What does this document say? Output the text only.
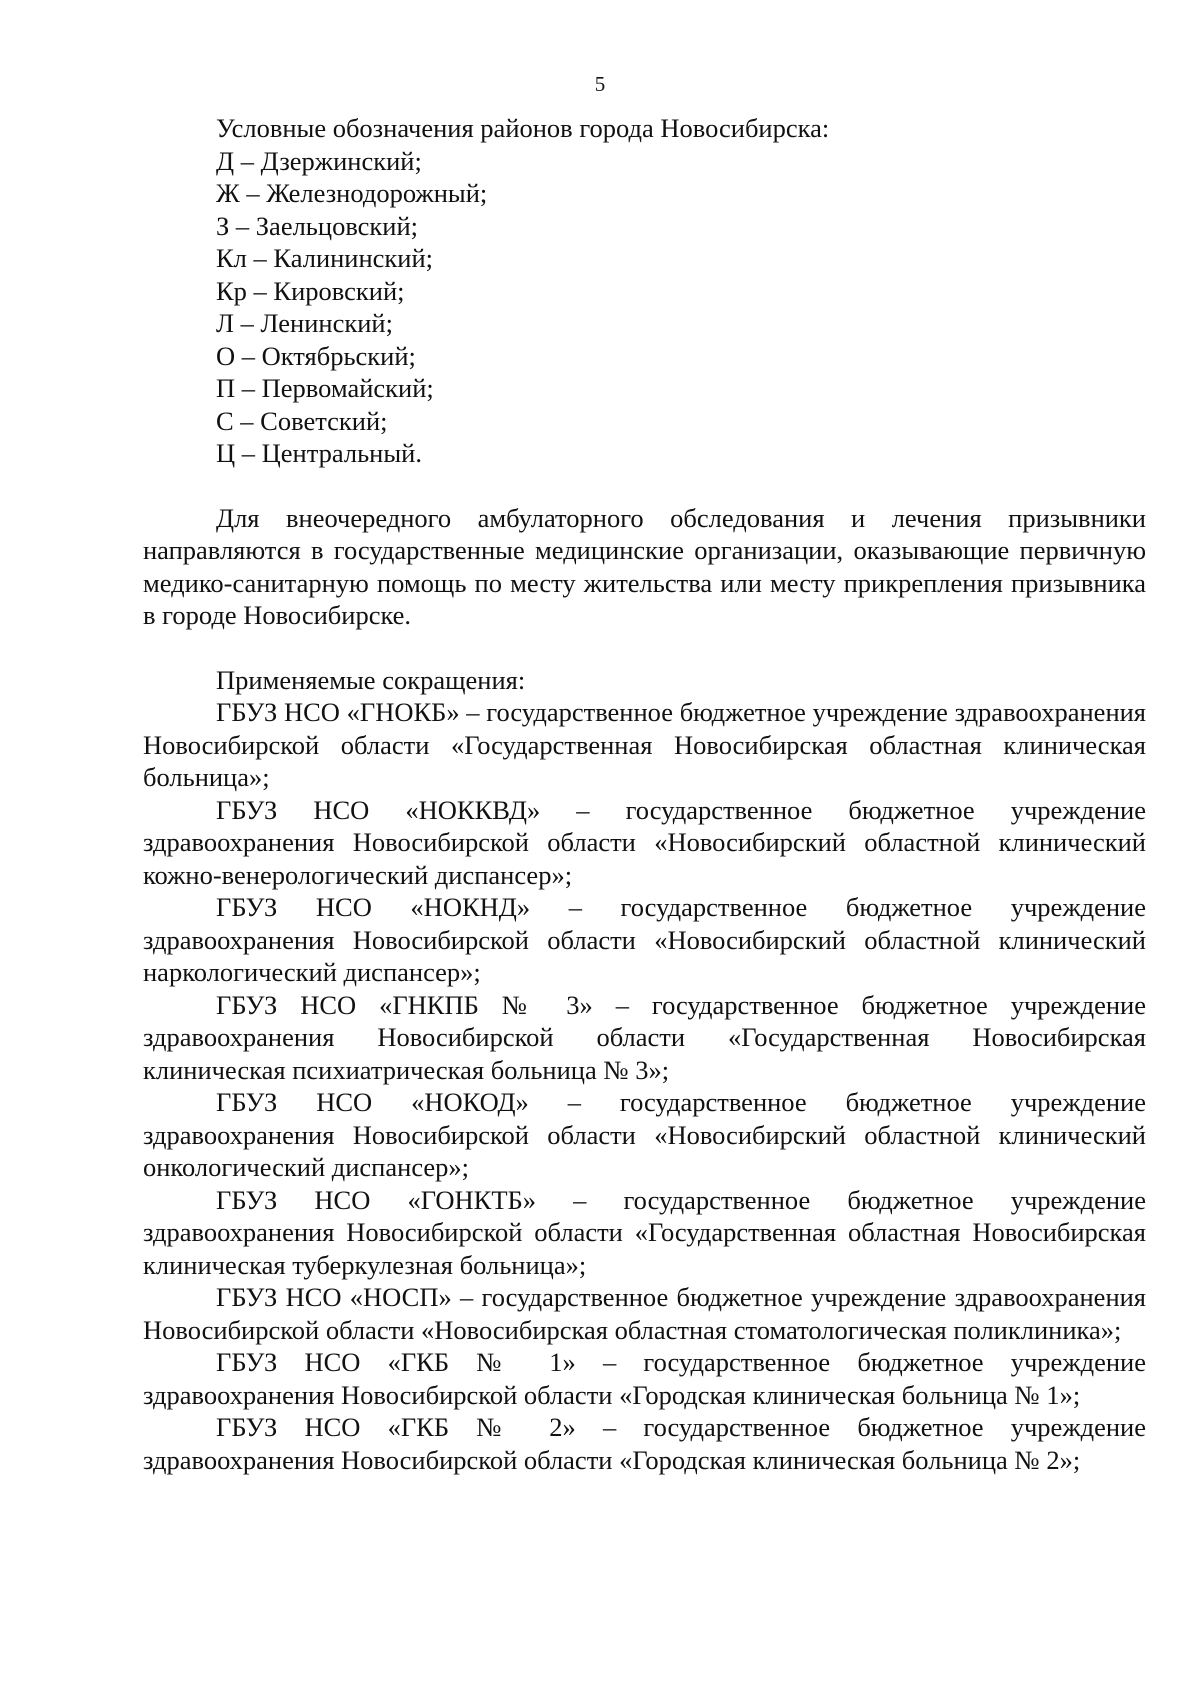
5
Условные обозначения районов города Новосибирска:
Д – Дзержинский;
Ж – Железнодорожный;
З – Заельцовский;
Кл – Калининский;
Кр – Кировский;
Л – Ленинский;
О – Октябрьский;
П – Первомайский;
С – Советский;
Ц – Центральный.
Для внеочередного амбулаторного обследования и лечения призывники направляются в государственные медицинские организации, оказывающие первичную медико-санитарную помощь по месту жительства или месту прикрепления призывника в городе Новосибирске.
Применяемые сокращения:
ГБУЗ НСО «ГНОКБ» – государственное бюджетное учреждение здравоохранения Новосибирской области «Государственная Новосибирская областная клиническая больница»;
ГБУЗ НСО «НОККВД» – государственное бюджетное учреждение здравоохранения Новосибирской области «Новосибирский областной клинический кожно-венерологический диспансер»;
ГБУЗ НСО «НОКНД» – государственное бюджетное учреждение здравоохранения Новосибирской области «Новосибирский областной клинический наркологический диспансер»;
ГБУЗ НСО «ГНКПБ № 3» – государственное бюджетное учреждение здравоохранения Новосибирской области «Государственная Новосибирская клиническая психиатрическая больница № 3»;
ГБУЗ НСО «НОКОД» – государственное бюджетное учреждение здравоохранения Новосибирской области «Новосибирский областной клинический онкологический диспансер»;
ГБУЗ НСО «ГОНКТБ» – государственное бюджетное учреждение здравоохранения Новосибирской области «Государственная областная Новосибирская клиническая туберкулезная больница»;
ГБУЗ НСО «НОСП» – государственное бюджетное учреждение здравоохранения Новосибирской области «Новосибирская областная стоматологическая поликлиника»;
ГБУЗ НСО «ГКБ № 1» – государственное бюджетное учреждение здравоохранения Новосибирской области «Городская клиническая больница № 1»;
ГБУЗ НСО «ГКБ № 2» – государственное бюджетное учреждение здравоохранения Новосибирской области «Городская клиническая больница № 2»;
